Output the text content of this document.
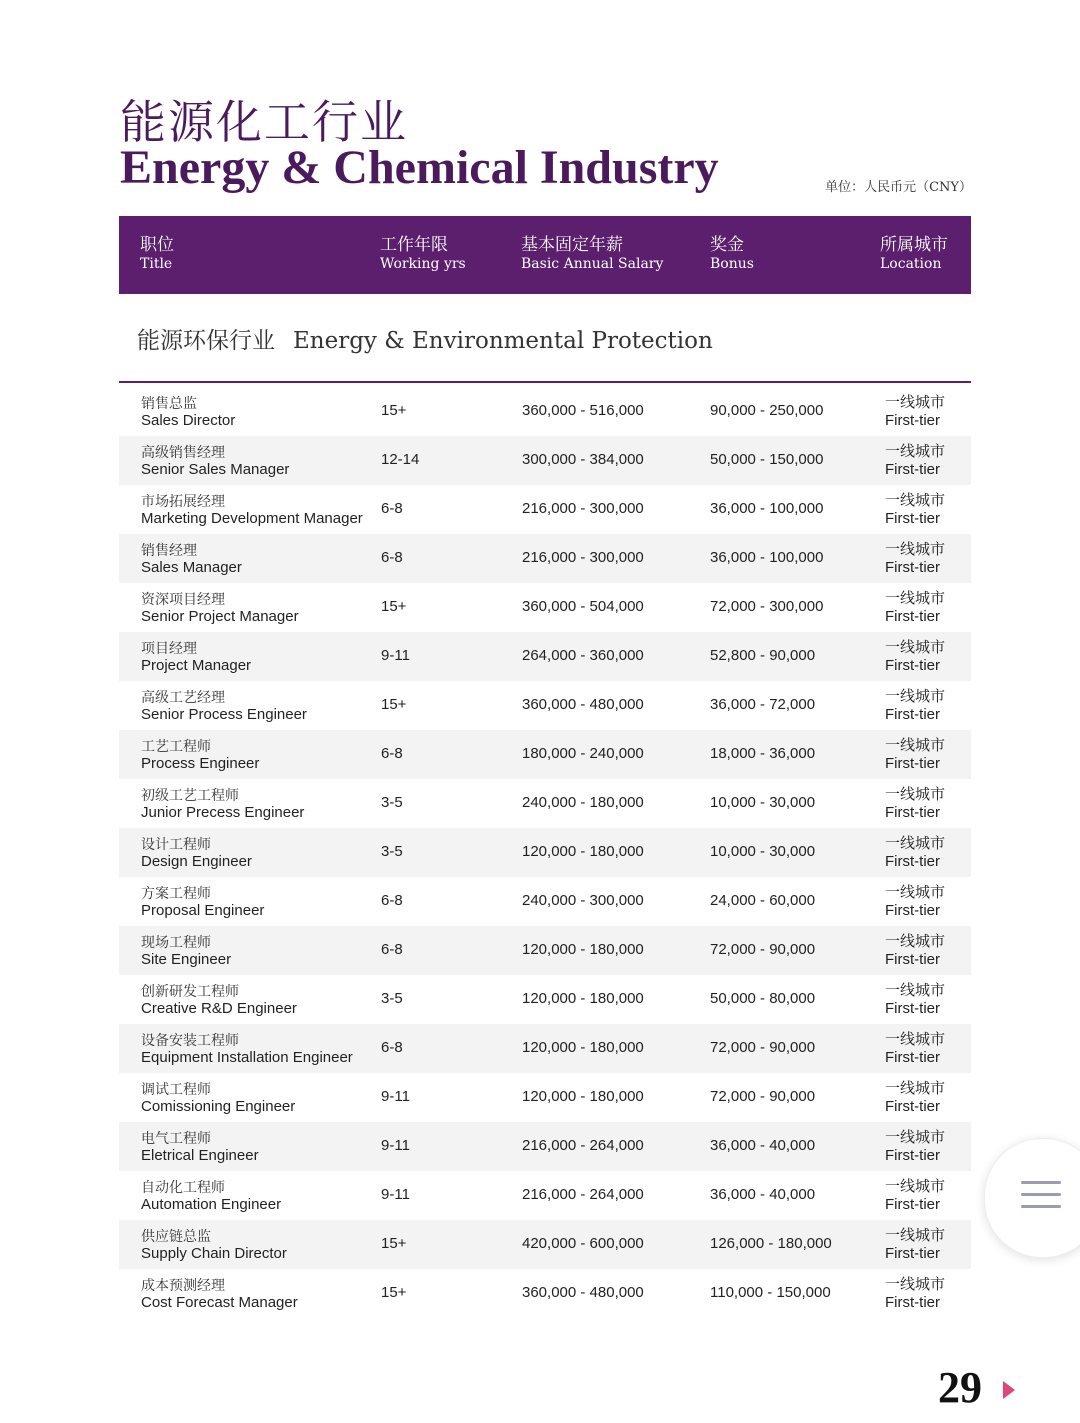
能源化工行业
Energy & Chemical Industry	单位：人民币元（CNY）
职位
Title
工作年限
Working yrs
基本固定年薪
Basic Annual Salary
奖金
Bonus
所属城市
Location
能源环保行业 Energy & Environmental Protection
销售总监
Sales Director
15+	360,000 - 516,000	90,000 - 250,000	一线城市
First-tier
高级销售经理
Senior Sales Manager
12-14	300,000 - 384,000	50,000 - 150,000	一线城市
First-tier
市场拓展经理
Marketing Development Manager
6-8	216,000 - 300,000	36,000 - 100,000	一线城市
First-tier
销售经理
Sales Manager
6-8	216,000 - 300,000	36,000 - 100,000	一线城市
First-tier
资深项目经理
Senior Project Manager
15+	360,000 - 504,000	72,000 - 300,000	一线城市
First-tier
项目经理
Project Manager
9-11	264,000 - 360,000	52,800 - 90,000	一线城市
First-tier
高级工艺经理
Senior Process Engineer
15+	360,000 - 480,000	36,000 - 72,000	一线城市
First-tier
工艺工程师
Process Engineer
6-8	180,000 - 240,000	18,000 - 36,000	一线城市
First-tier
初级工艺工程师
Junior Precess Engineer
3-5	240,000 - 180,000	10,000 - 30,000	一线城市
First-tier
设计工程师
Design Engineer
3-5	120,000 - 180,000	10,000 - 30,000	一线城市
First-tier
方案工程师
Proposal Engineer
6-8	240,000 - 300,000	24,000 - 60,000	一线城市
First-tier
现场工程师
Site Engineer
6-8	120,000 - 180,000	72,000 - 90,000	一线城市
First-tier
创新研发工程师
Creative R&D Engineer
3-5	120,000 - 180,000	50,000 - 80,000	一线城市
First-tier
设备安装工程师
Equipment Installation Engineer
6-8	120,000 - 180,000	72,000 - 90,000	一线城市
First-tier
调试工程师
Comissioning Engineer
9-11	120,000 - 180,000	72,000 - 90,000	一线城市
First-tier
电气工程师
Eletrical Engineer
9-11	216,000 - 264,000	36,000 - 40,000	一线城市
First-tier
自动化工程师
Automation Engineer
9-11	216,000 - 264,000	36,000 - 40,000	一线城市
First-tier
供应链总监
Supply Chain Director
15+	420,000 - 600,000	126,000 - 180,000	一线城市
First-tier
成本预测经理
Cost Forecast Manager
15+	360,000 - 480,000	110,000 - 150,000	一线城市
First-tier
29
